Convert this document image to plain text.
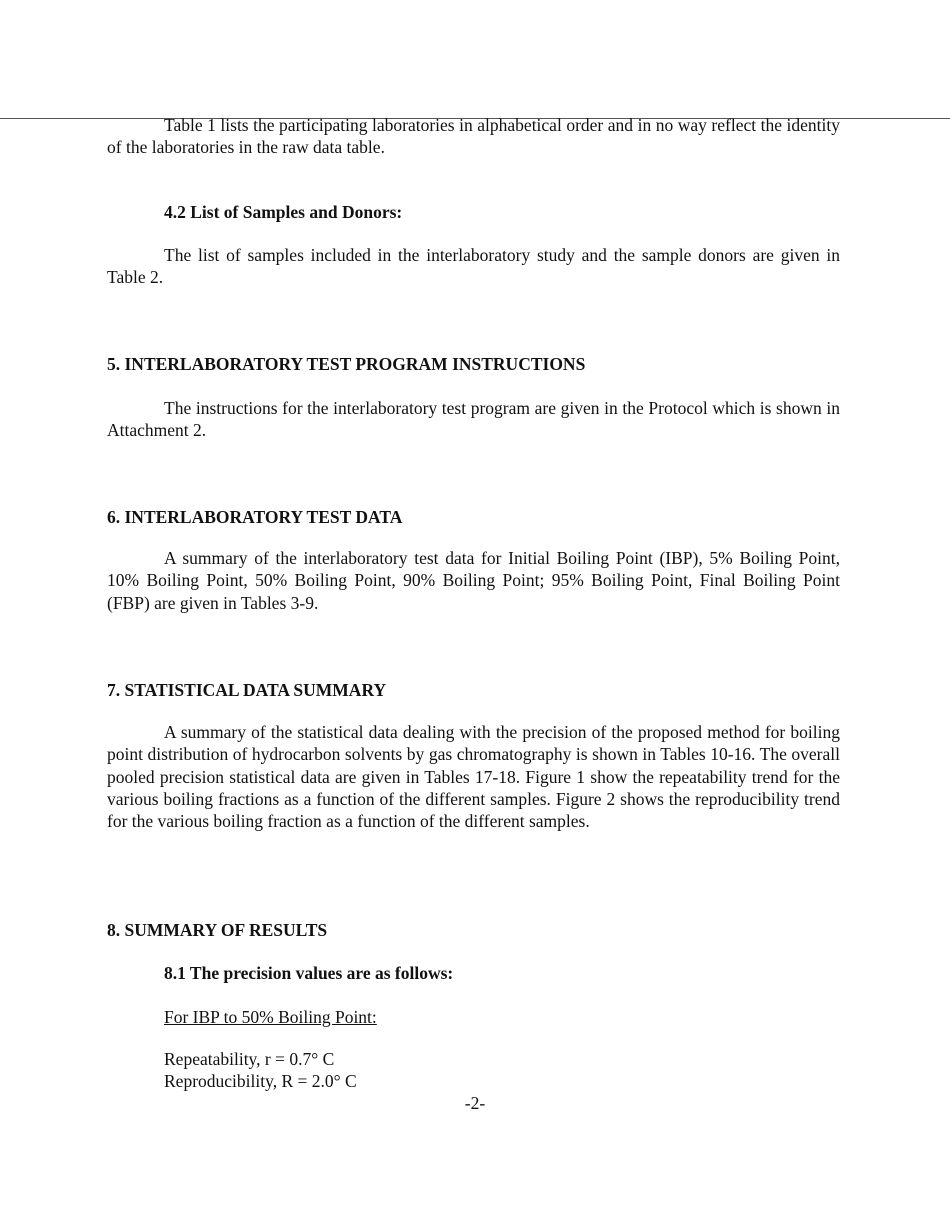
Table 1 lists the participating laboratories in alphabetical order and in no way reflect the identity of the laboratories in the raw data table.

4.2 List of Samples and Donors:

The list of samples included in the interlaboratory study and the sample donors are given in Table 2.

5. INTERLABORATORY TEST PROGRAM INSTRUCTIONS

The instructions for the interlaboratory test program are given in the Protocol which is shown in Attachment 2.

6. INTERLABORATORY TEST DATA

A summary of the interlaboratory test data for Initial Boiling Point (IBP), 5% Boiling Point, 10% Boiling Point, 50% Boiling Point, 90% Boiling Point; 95% Boiling Point, Final Boiling Point (FBP) are given in Tables 3-9.

7. STATISTICAL DATA SUMMARY

A summary of the statistical data dealing with the precision of the proposed method for boiling point distribution of hydrocarbon solvents by gas chromatography is shown in Tables 10-16. The overall pooled precision statistical data are given in Tables 17-18. Figure 1 show the repeatability trend for the various boiling fractions as a function of the different samples. Figure 2 shows the reproducibility trend for the various boiling fraction as a function of the different samples.

8. SUMMARY OF RESULTS

8.1 The precision values are as follows:

For IBP to 50% Boiling Point:

Repeatability, r = 0.7° C

Reproducibility, R = 2.0° C

-2-
